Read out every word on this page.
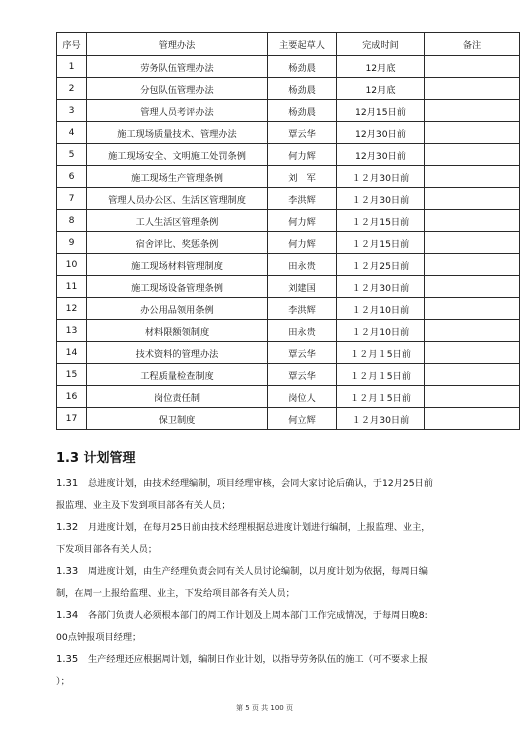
序号	管理办法	主要起草人	完成时间	备注
1	劳务队伍管理办法	杨劲晨	12月底	
2	分包队伍管理办法	杨劲晨	12月底	
3	管理人员考评办法	杨劲晨	12月15日前	
4	施工现场质量技术、管理办法	覃云华	12月30日前	
5	施工现场安全、文明施工处罚条例	何力辉	12月30日前	
6	施工现场生产管理条例	刘　军	１２月30日前	
7	管理人员办公区、生活区管理制度	李洪辉	１２月30日前	
8	工人生活区管理条例	何力辉	１２月15日前	
9	宿舍评比、奖惩条例	何力辉	１２月15日前	
10	施工现场材料管理制度	田永贵	１２月25日前	
11	施工现场设备管理条例	刘建国	１２月30日前	
12	办公用品领用条例	李洪辉	１２月10日前	
13	材料限额领制度	田永贵	１２月10日前	
14	技术资料的管理办法	覃云华	１２月１5日前	
15	工程质量检查制度	覃云华	１２月１5日前	
16	岗位责任制	岗位人	１２月１5日前	
17	保卫制度	何立辉	１２月30日前	
1.3 计划管理
1.31 总进度计划，由技术经理编制，项目经理审核，会同大家讨论后确认，于12月25日前
报监理、业主及下发到项目部各有关人员；
1.32 月进度计划，在每月25日前由技术经理根据总进度计划进行编制，上报监理、业主，
下发项目部各有关人员；
1.33 周进度计划，由生产经理负责会同有关人员讨论编制，以月度计划为依据，每周日编
制，在周一上报给监理、业主，下发给项目部各有关人员；
1.34 各部门负责人必须根本部门的周工作计划及上周本部门工作完成情况，于每周日晚8:
00点钟报项目经理；
1.35 生产经理还应根据周计划，编制日作业计划，以指导劳务队伍的施工（可不要求上报
）；
第 5 页 共 100 页
